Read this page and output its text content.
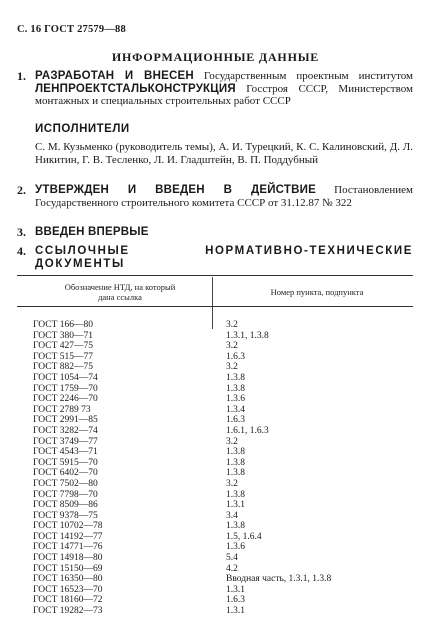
С. 16 ГОСТ 27579—88
ИНФОРМАЦИОННЫЕ ДАННЫЕ
1. РАЗРАБОТАН И ВНЕСЕН Государственным проектным институтом ЛЕНПРОЕКТСТАЛЬКОНСТРУКЦИЯ Госстроя СССР, Министерством монтажных и специальных строительных работ СССР
ИСПОЛНИТЕЛИ
С. М. Кузьменко (руководитель темы), А. И. Турецкий, К. С. Калиновский, Д. Л. Никитин, Г. В. Тесленко, Л. И. Гладштейн, В. П. Поддубный
2. УТВЕРЖДЕН И ВВЕДЕН В ДЕЙСТВИЕ Постановлением Государственного строительного комитета СССР от 31.12.87 № 322
3. ВВЕДЕН ВПЕРВЫЕ
4. ССЫЛОЧНЫЕ НОРМАТИВНО-ТЕХНИЧЕСКИЕ ДОКУМЕНТЫ
Обозначение НТД, на который дана ссылка	Номер пункта, подпункта
ГОСТ 166—80	3.2
ГОСТ 380—71	1.3.1, 1.3.8
ГОСТ 427—75	3.2
ГОСТ 515—77	1.6.3
ГОСТ 882—75	3.2
ГОСТ 1054—74	1.3.8
ГОСТ 1759—70	1.3.8
ГОСТ 2246—70	1.3.6
ГОСТ 2789 73	1.3.4
ГОСТ 2991—85	1.6.3
ГОСТ 3282—74	1.6.1, 1.6.3
ГОСТ 3749—77	3.2
ГОСТ 4543—71	1.3.8
ГОСТ 5915—70	1.3.8
ГОСТ 6402—70	1.3.8
ГОСТ 7502—80	3.2
ГОСТ 7798—70	1.3.8
ГОСТ 8509—86	1.3.1
ГОСТ 9378—75	3.4
ГОСТ 10702—78	1.3.8
ГОСТ 14192—77	1.5, 1.6.4
ГОСТ 14771—76	1.3.6
ГОСТ 14918—80	5.4
ГОСТ 15150—69	4.2
ГОСТ 16350—80	Вводная часть, 1.3.1, 1.3.8
ГОСТ 16523—70	1.3.1
ГОСТ 18160—72	1.6.3
ГОСТ 19282—73	1.3.1
